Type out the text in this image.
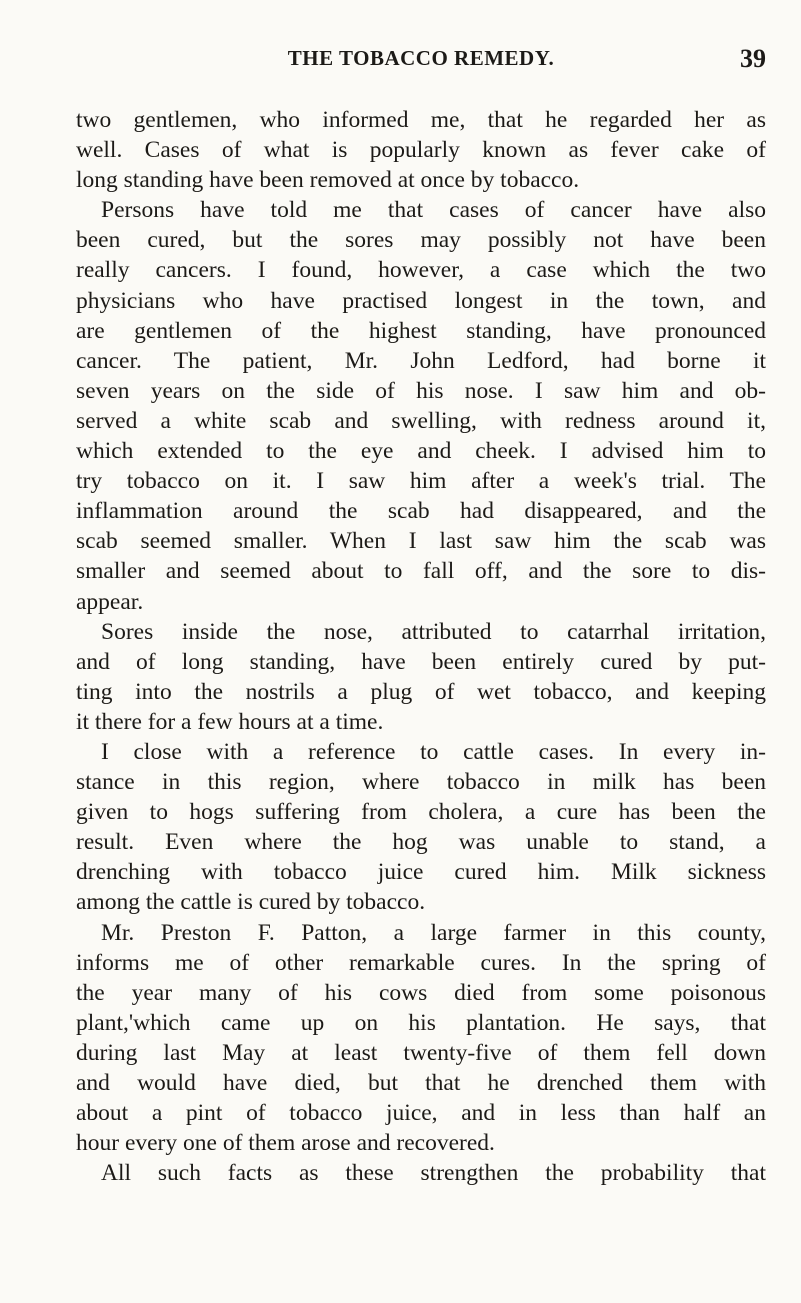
THE TOBACCO REMEDY.	39
two gentlemen, who informed me, that he regarded her as
well. Cases of what is popularly known as fever cake of
long standing have been removed at once by tobacco.
Persons have told me that cases of cancer have also
been cured, but the sores may possibly not have been
really cancers. I found, however, a case which the two
physicians who have practised longest in the town, and
are gentlemen of the highest standing, have pronounced
cancer. The patient, Mr. John Ledford, had borne it
seven years on the side of his nose. I saw him and ob-
served a white scab and swelling, with redness around it,
which extended to the eye and cheek. I advised him to
try tobacco on it. I saw him after a week's trial. The
inflammation around the scab had disappeared, and the
scab seemed smaller. When I last saw him the scab was
smaller and seemed about to fall off, and the sore to dis-
appear.
Sores inside the nose, attributed to catarrhal irritation,
and of long standing, have been entirely cured by put-
ting into the nostrils a plug of wet tobacco, and keeping
it there for a few hours at a time.
I close with a reference to cattle cases. In every in-
stance in this region, where tobacco in milk has been
given to hogs suffering from cholera, a cure has been the
result. Even where the hog was unable to stand, a
drenching with tobacco juice cured him. Milk sickness
among the cattle is cured by tobacco.
Mr. Preston F. Patton, a large farmer in this county,
informs me of other remarkable cures. In the spring of
the year many of his cows died from some poisonous
plant,'which came up on his plantation. He says, that
during last May at least twenty-five of them fell down
and would have died, but that he drenched them with
about a pint of tobacco juice, and in less than half an
hour every one of them arose and recovered.
All such facts as these strengthen the probability that
